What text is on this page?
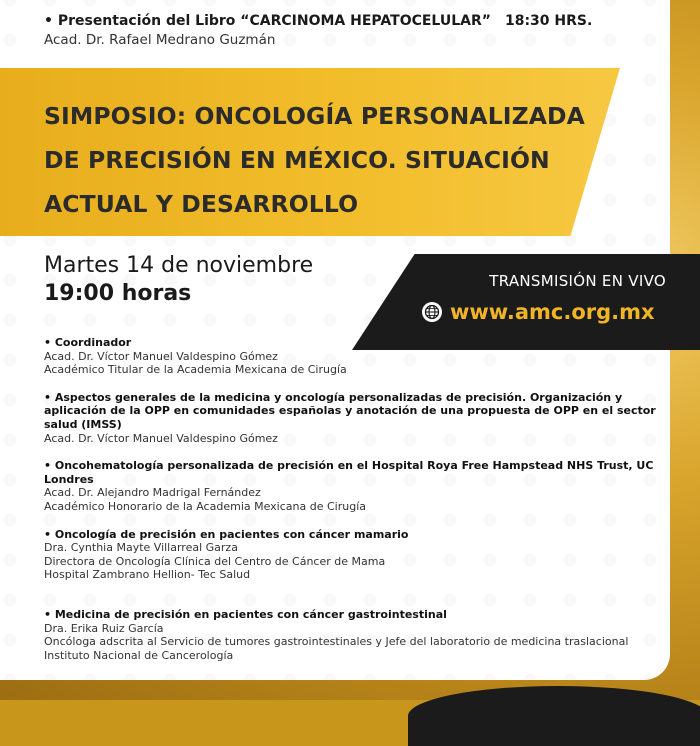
• Presentación del Libro “CARCINOMA HEPATOCELULAR” 18:30 HRS.
Acad. Dr. Rafael Medrano Guzmán
SIMPOSIO: ONCOLOGÍA PERSONALIZADA
DE PRECISIÓN EN MÉXICO. SITUACIÓN
ACTUAL Y DESARROLLO
Martes 14 de noviembre
19:00 horas	TRANSMISIÓN EN VIVO
www.amc.org.mx
• Coordinador
Acad. Dr. Víctor Manuel Valdespino Gómez
Académico Titular de la Academia Mexicana de Cirugía
• Aspectos generales de la medicina y oncología personalizadas de precisión. Organización y aplicación de la OPP en comunidades españolas y anotación de una propuesta de OPP en el sector salud (IMSS)
Acad. Dr. Víctor Manuel Valdespino Gómez
• Oncohematología personalizada de precisión en el Hospital Roya Free Hampstead NHS Trust, UC Londres
Acad. Dr. Alejandro Madrigal Fernández
Académico Honorario de la Academia Mexicana de Cirugía
• Oncología de precisión en pacientes con cáncer mamario
Dra. Cynthia Mayte Villarreal Garza
Directora de Oncología Clínica del Centro de Cáncer de Mama
Hospital Zambrano Hellion- Tec Salud
• Medicina de precisión en pacientes con cáncer gastrointestinal
Dra. Erika Ruiz García
Oncóloga adscrita al Servicio de tumores gastrointestinales y Jefe del laboratorio de medicina traslacional
Instituto Nacional de Cancerología
